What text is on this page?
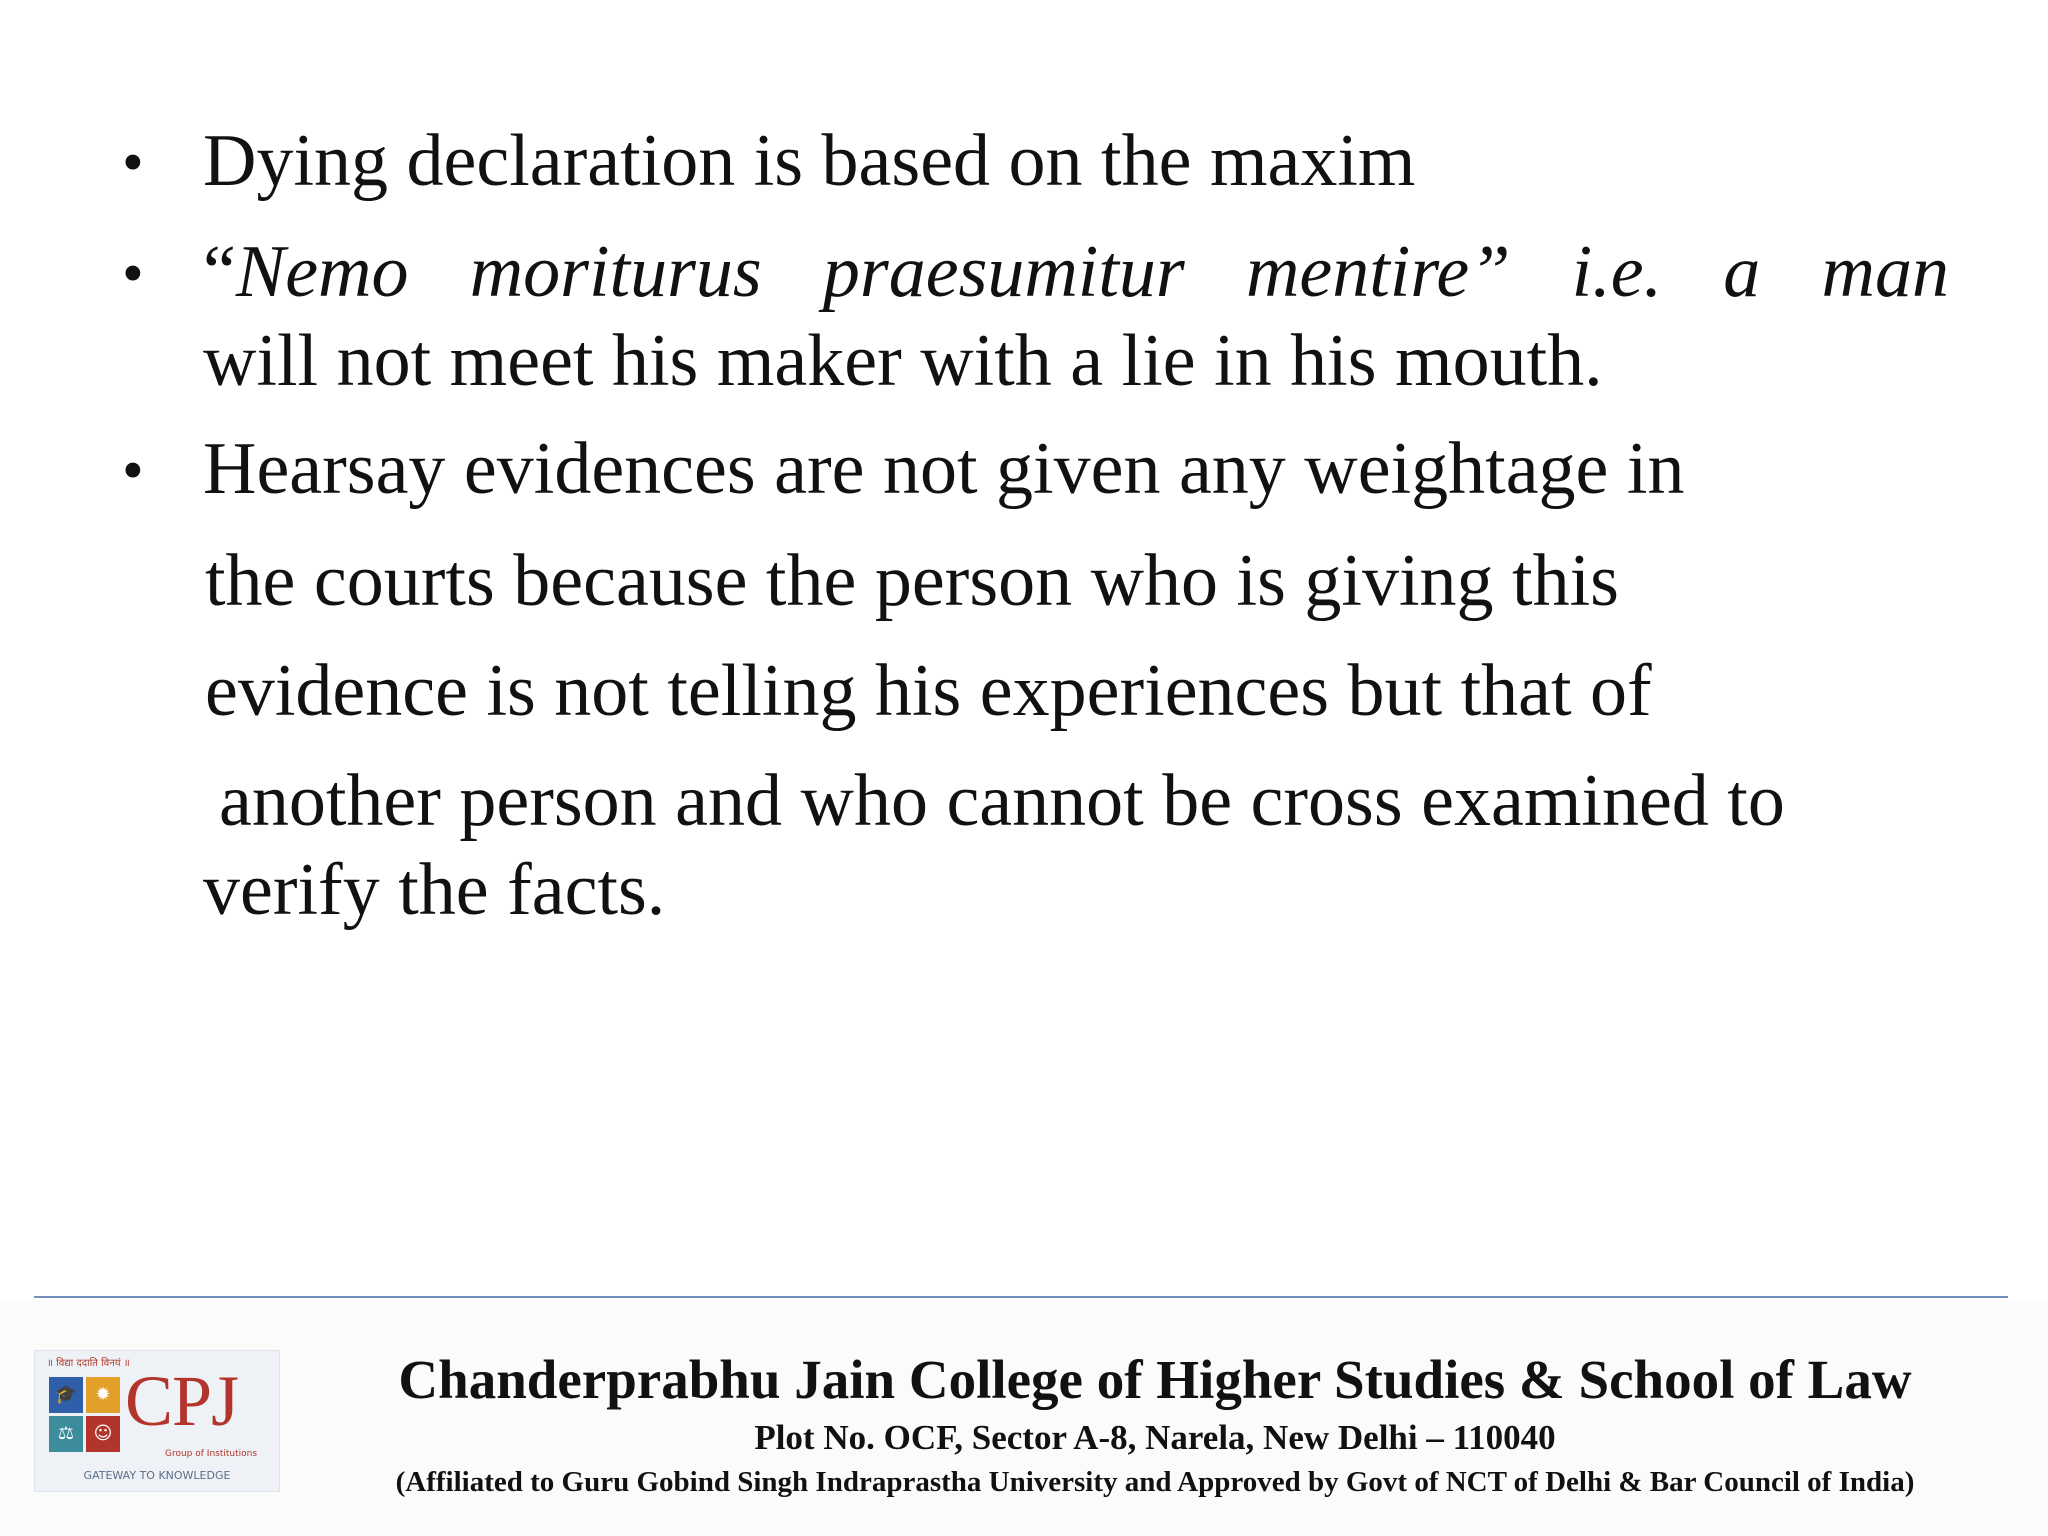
• Dying declaration is based on the maxim
• “Nemo moriturus praesumitur mentire” i.e. a man
will not meet his maker with a lie in his mouth.
• Hearsay evidences are not given any weightage in
the courts because the person who is giving this
evidence is not telling his experiences but that of
another person and who cannot be cross examined to
verify the facts.
॥ विद्या ददाति विनयं ॥
🎓	✹
⚖	☺ CPJ
Group of Institutions
GATEWAY TO KNOWLEDGE
Chanderprabhu Jain College of Higher Studies & School of Law
Plot No. OCF, Sector A-8, Narela, New Delhi – 110040
(Affiliated to Guru Gobind Singh Indraprastha University and Approved by Govt of NCT of Delhi & Bar Council of India)
